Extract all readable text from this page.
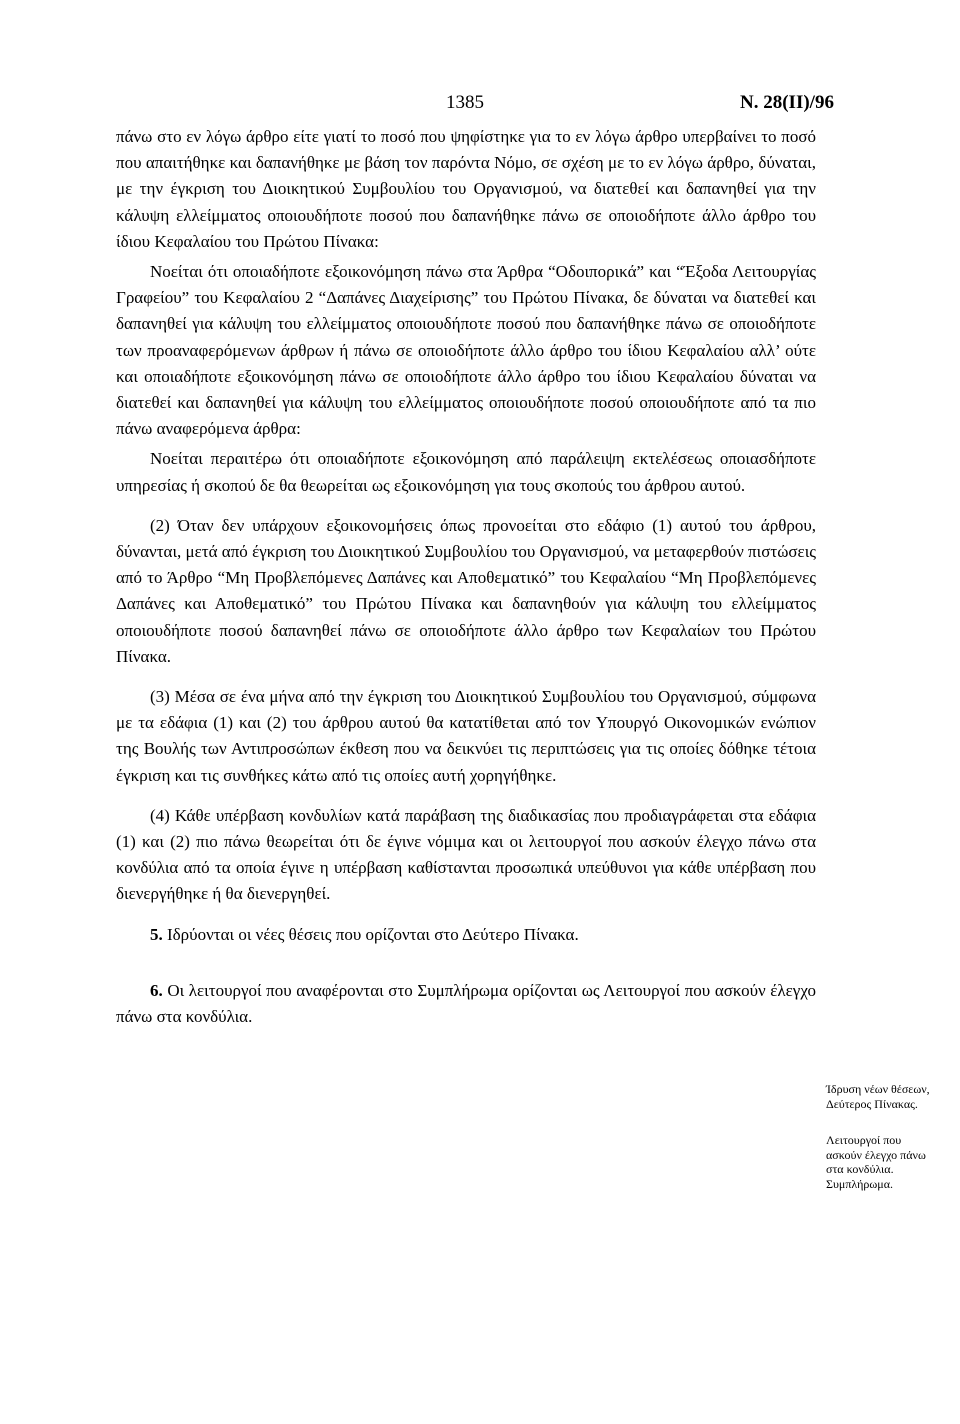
1385	Ν. 28(ΙΙ)/96

πάνω στο εν λόγω άρθρο είτε γιατί το ποσό που ψηφίστηκε για το εν λόγω άρθρο υπερβαίνει το ποσό που απαιτήθηκε και δαπανήθηκε με βάση τον παρόντα Νόμο, σε σχέση με το εν λόγω άρθρο, δύναται, με την έγκριση του Διοικητικού Συμβουλίου του Οργανισμού, να διατεθεί και δαπανηθεί για την κάλυψη ελλείμματος οποιουδήποτε ποσού που δαπανήθηκε πάνω σε οποιοδήποτε άλλο άρθρο του ίδιου Κεφαλαίου του Πρώτου Πίνακα:

Νοείται ότι οποιαδήποτε εξοικονόμηση πάνω στα Άρθρα “Οδοιπορικά” και “Έξοδα Λειτουργίας Γραφείου” του Κεφαλαίου 2 “Δαπάνες Διαχείρισης” του Πρώτου Πίνακα, δε δύναται να διατεθεί και δαπανηθεί για κάλυψη του ελλείμματος οποιουδήποτε ποσού που δαπανήθηκε πάνω σε οποιοδήποτε των προαναφερόμενων άρθρων ή πάνω σε οποιοδήποτε άλλο άρθρο του ίδιου Κεφαλαίου αλλ’ ούτε και οποιαδήποτε εξοικονόμηση πάνω σε οποιοδήποτε άλλο άρθρο του ίδιου Κεφαλαίου δύναται να διατεθεί και δαπανηθεί για κάλυψη του ελλείμματος οποιουδήποτε ποσού οποιουδήποτε από τα πιο πάνω αναφερόμενα άρθρα:

Νοείται περαιτέρω ότι οποιαδήποτε εξοικονόμηση από παράλειψη εκτελέσεως οποιασδήποτε υπηρεσίας ή σκοπού δε θα θεωρείται ως εξοικονόμηση για τους σκοπούς του άρθρου αυτού.

(2) Όταν δεν υπάρχουν εξοικονομήσεις όπως προνοείται στο εδάφιο (1) αυτού του άρθρου, δύνανται, μετά από έγκριση του Διοικητικού Συμβουλίου του Οργανισμού, να μεταφερθούν πιστώσεις από το Άρθρο “Μη Προβλεπόμενες Δαπάνες και Αποθεματικό” του Κεφαλαίου “Μη Προβλεπόμενες Δαπάνες και Αποθεματικό” του Πρώτου Πίνακα και δαπανηθούν για κάλυψη του ελλείμματος οποιουδήποτε ποσού δαπανηθεί πάνω σε οποιοδήποτε άλλο άρθρο των Κεφαλαίων του Πρώτου Πίνακα.

(3) Μέσα σε ένα μήνα από την έγκριση του Διοικητικού Συμβουλίου του Οργανισμού, σύμφωνα με τα εδάφια (1) και (2) του άρθρου αυτού θα κατατίθεται από τον Υπουργό Οικονομικών ενώπιον της Βουλής των Αντιπροσώπων έκθεση που να δεικνύει τις περιπτώσεις για τις οποίες δόθηκε τέτοια έγκριση και τις συνθήκες κάτω από τις οποίες αυτή χορηγήθηκε.

(4) Κάθε υπέρβαση κονδυλίων κατά παράβαση της διαδικασίας που προδιαγράφεται στα εδάφια (1) και (2) πιο πάνω θεωρείται ότι δε έγινε νόμιμα και οι λειτουργοί που ασκούν έλεγχο πάνω στα κονδύλια από τα οποία έγινε η υπέρβαση καθίστανται προσωπικά υπεύθυνοι για κάθε υπέρβαση που διενεργήθηκε ή θα διενεργηθεί.

5. Ιδρύονται οι νέες θέσεις που ορίζονται στο Δεύτερο Πίνακα.

6. Οι λειτουργοί που αναφέρονται στο Συμπλήρωμα ορίζονται ως Λειτουργοί που ασκούν έλεγχο πάνω στα κονδύλια.

Ίδρυση νέων θέσεων, Δεύτερος Πίνακας.
Λειτουργοί που ασκούν έλεγχο πάνω στα κονδύλια. Συμπλήρωμα.
